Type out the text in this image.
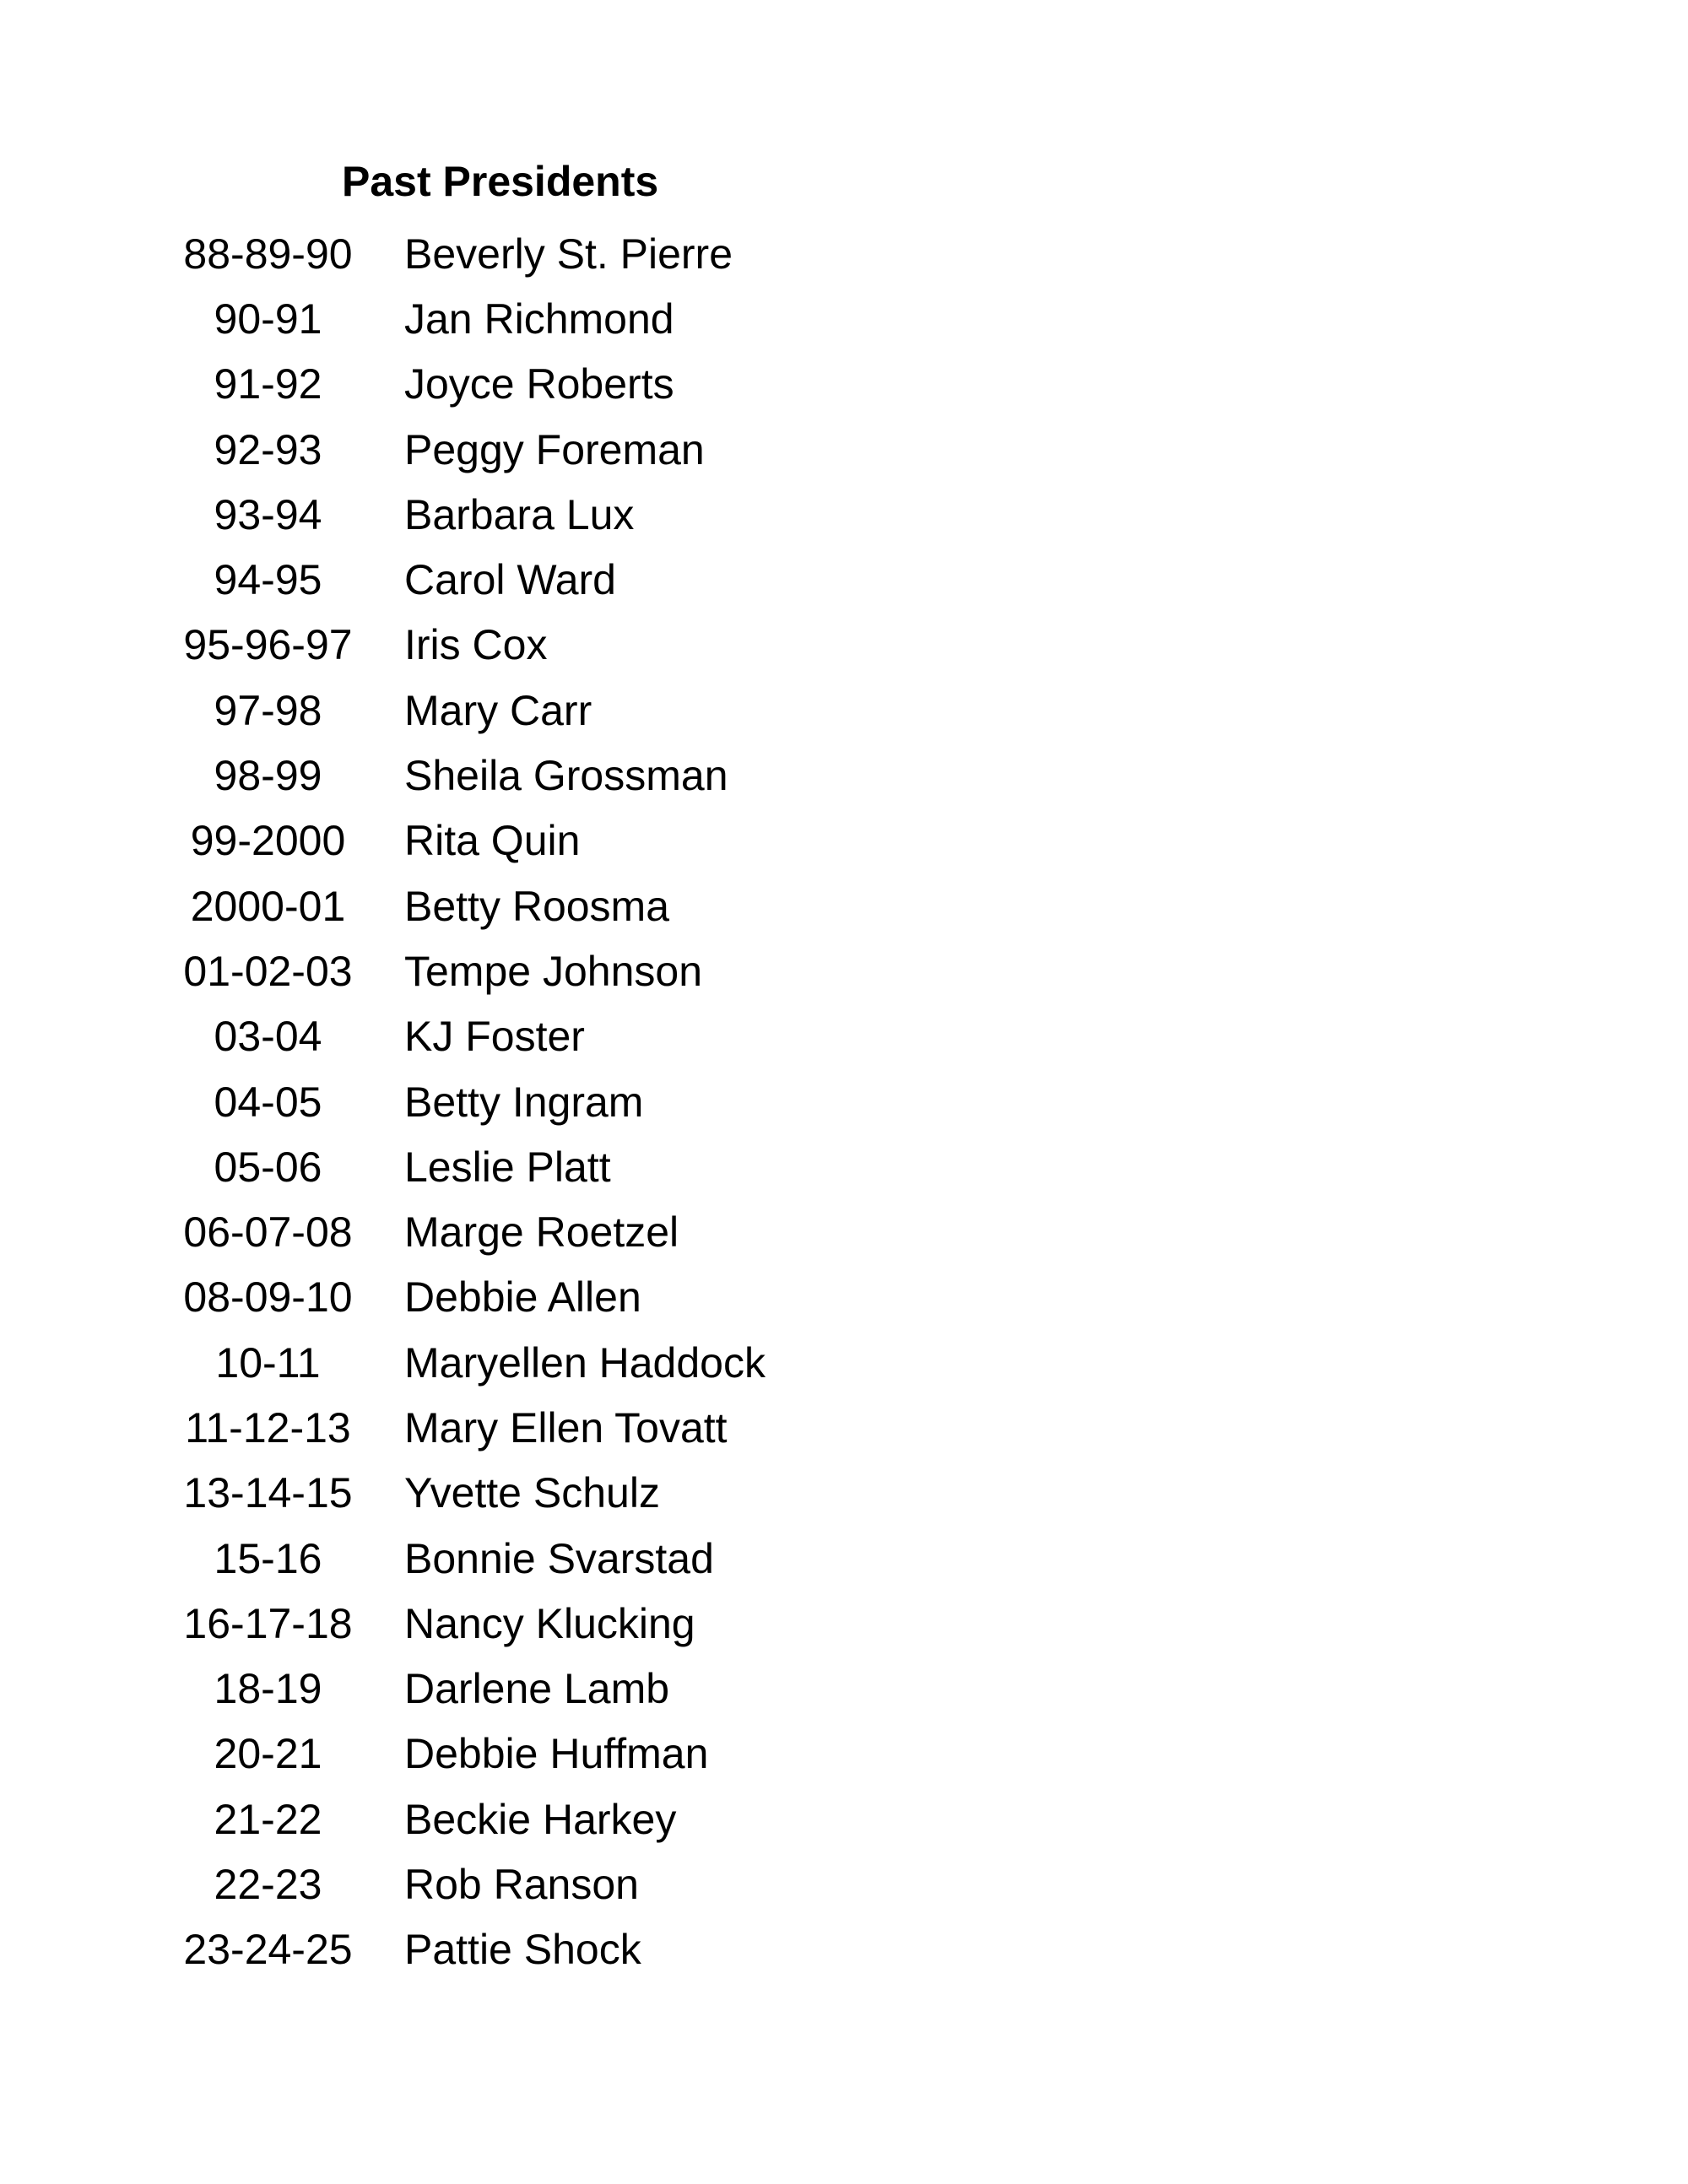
Past Presidents
88-89-90	Beverly St. Pierre
90-91	Jan Richmond
91-92	Joyce Roberts
92-93	Peggy Foreman
93-94	Barbara Lux
94-95	Carol Ward
95-96-97	Iris Cox
97-98	Mary Carr
98-99	Sheila Grossman
99-2000	Rita Quin
2000-01	Betty Roosma
01-02-03	Tempe Johnson
03-04	KJ Foster
04-05	Betty Ingram
05-06	Leslie Platt
06-07-08	Marge Roetzel
08-09-10	Debbie Allen
10-11	Maryellen Haddock
11-12-13	Mary Ellen Tovatt
13-14-15	Yvette Schulz
15-16	Bonnie Svarstad
16-17-18	Nancy Klucking
18-19	Darlene Lamb
20-21	Debbie Huffman
21-22	Beckie Harkey
22-23	Rob Ranson
23-24-25	Pattie Shock
